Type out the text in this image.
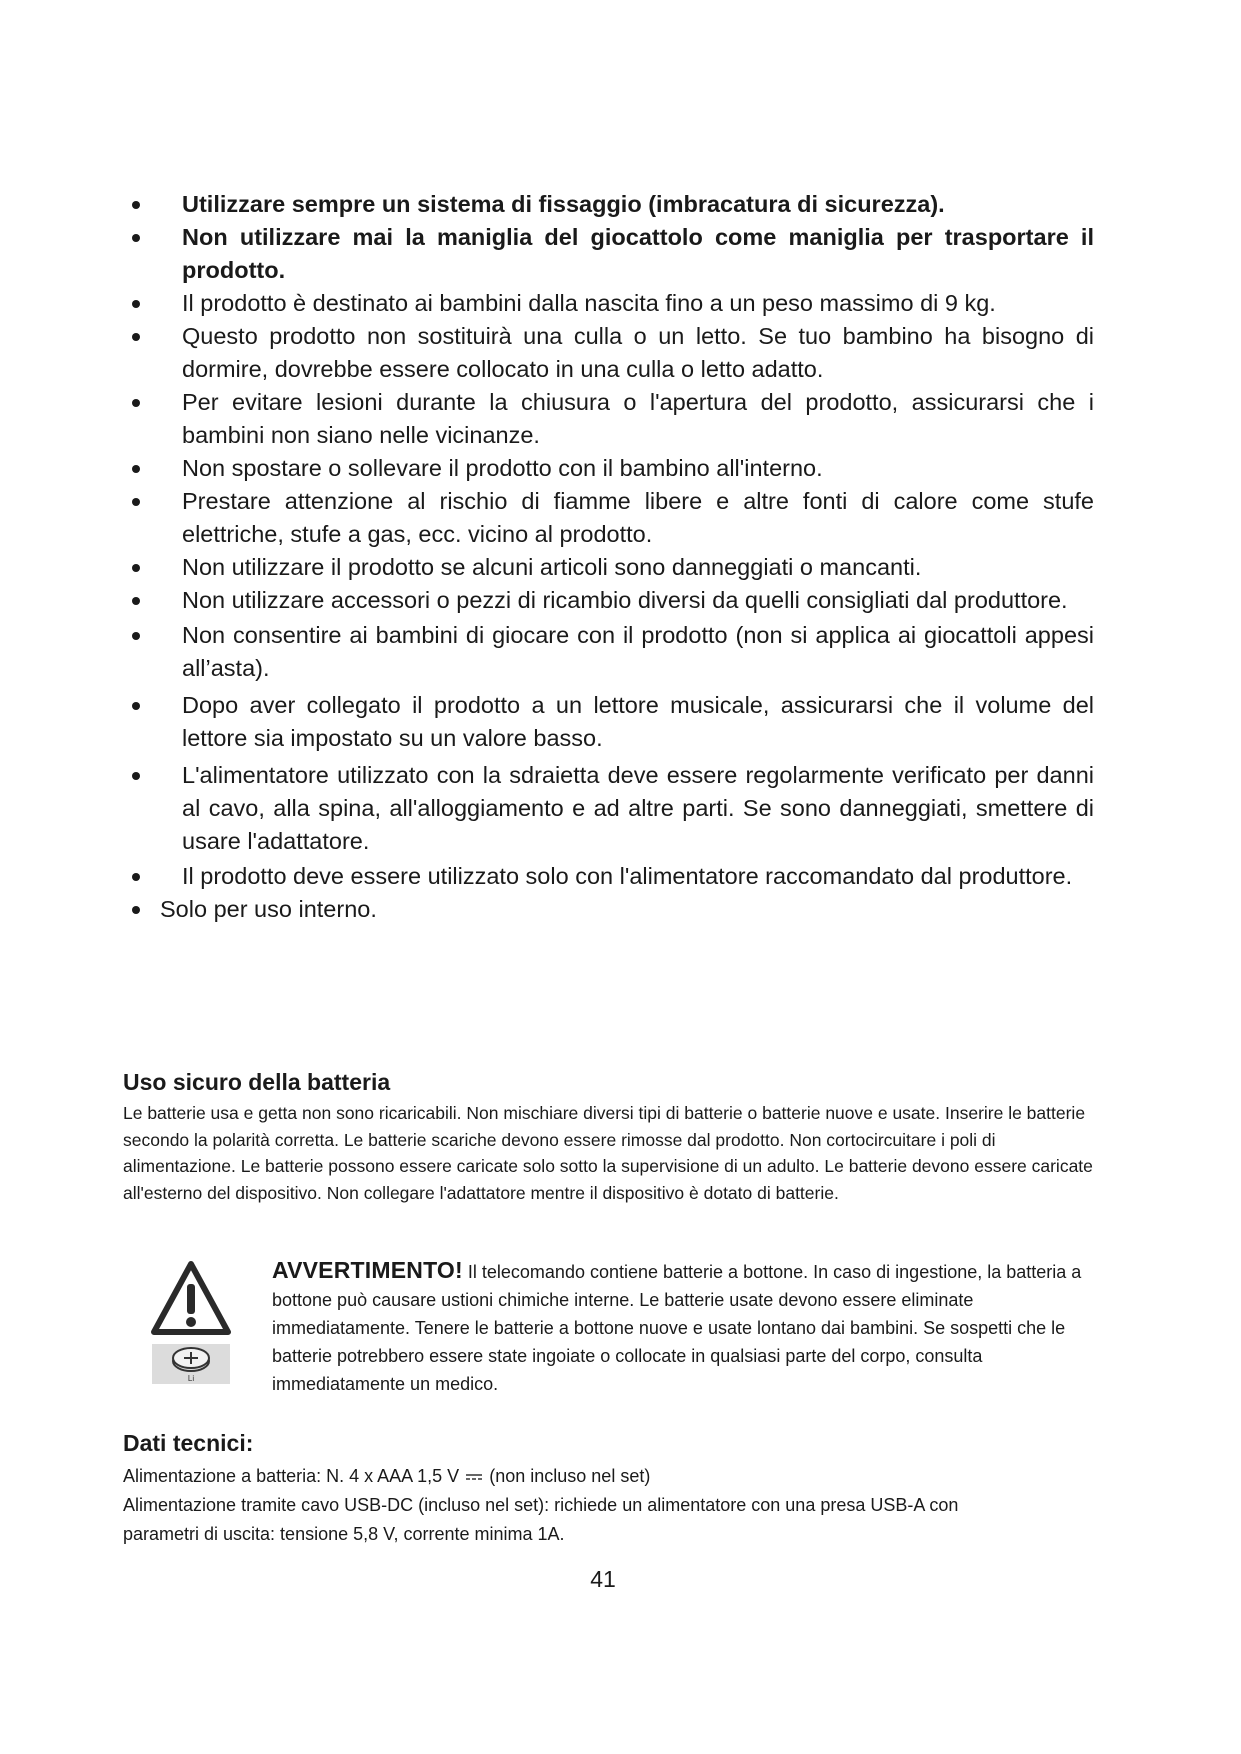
Utilizzare sempre un sistema di fissaggio (imbracatura di sicurezza).
Non utilizzare mai la maniglia del giocattolo come maniglia per trasportare il prodotto.
Il prodotto è destinato ai bambini dalla nascita fino a un peso massimo di 9 kg.
Questo prodotto non sostituirà una culla o un letto. Se tuo bambino ha bisogno di dormire, dovrebbe essere collocato in una culla o letto adatto.
Per evitare lesioni durante la chiusura o l'apertura del prodotto, assicurarsi che i bambini non siano nelle vicinanze.
Non spostare o sollevare il prodotto con il bambino all'interno.
Prestare attenzione al rischio di fiamme libere e altre fonti di calore come stufe elettriche, stufe a gas, ecc. vicino al prodotto.
Non utilizzare il prodotto se alcuni articoli sono danneggiati o mancanti.
Non utilizzare accessori o pezzi di ricambio diversi da quelli consigliati dal produttore.
Non consentire ai bambini di giocare con il prodotto (non si applica ai giocattoli appesi all’asta).
Dopo aver collegato il prodotto a un lettore musicale, assicurarsi che il volume del lettore sia impostato su un valore basso.
L'alimentatore utilizzato con la sdraietta deve essere regolarmente verificato per danni al cavo, alla spina, all'alloggiamento e ad altre parti. Se sono danneggiati, smettere di usare l'adattatore.
Il prodotto deve essere utilizzato solo con l'alimentatore raccomandato dal produttore.
Solo per uso interno.
Uso sicuro della batteria

Le batterie usa e getta non sono ricaricabili. Non mischiare diversi tipi di batterie o batterie nuove e usate. Inserire le batterie secondo la polarità corretta. Le batterie scariche devono essere rimosse dal prodotto. Non cortocircuitare i poli di alimentazione. Le batterie possono essere caricate solo sotto la supervisione di un adulto. Le batterie devono essere caricate all'esterno del dispositivo. Non collegare l'adattatore mentre il dispositivo è dotato di batterie.

Li

AVVERTIMENTO! Il telecomando contiene batterie a bottone. In caso di ingestione, la batteria a bottone può causare ustioni chimiche interne. Le batterie usate devono essere eliminate immediatamente. Tenere le batterie a bottone nuove e usate lontano dai bambini. Se sospetti che le batterie potrebbero essere state ingoiate o collocate in qualsiasi parte del corpo, consulta immediatamente un medico.

Dati tecnici:
Alimentazione a batteria: N. 4 x AAA 1,5 V (non incluso nel set)
Alimentazione tramite cavo USB-DC (incluso nel set): richiede un alimentatore con una presa USB-A con
parametri di uscita: tensione 5,8 V, corrente minima 1A.
41
